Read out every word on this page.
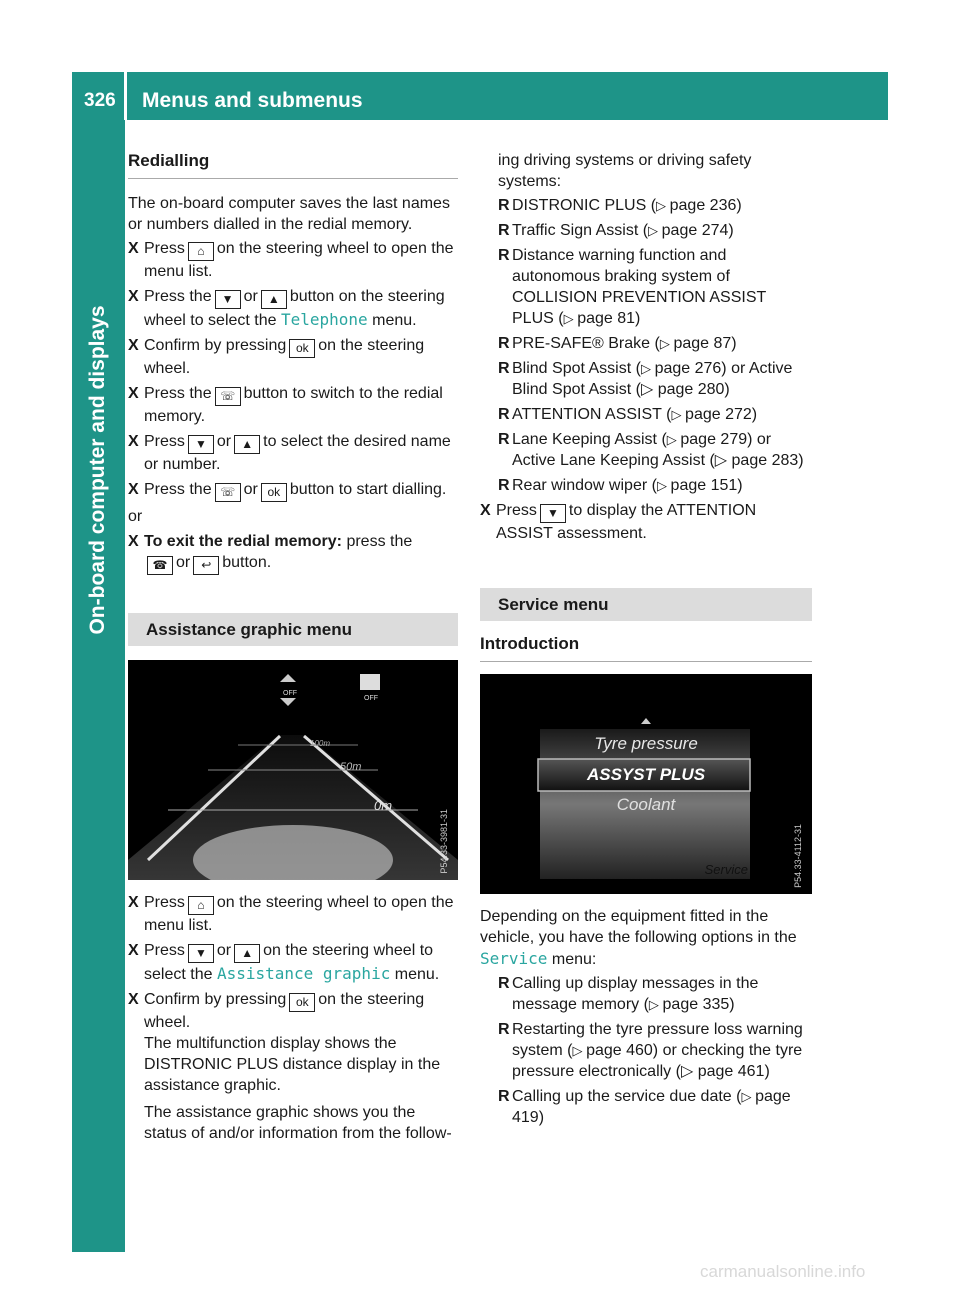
326 Menus and submenus
On-board computer and displays
Redialling
The on-board computer saves the last names or numbers dialled in the redial memory.
X Press ⌂ on the steering wheel to open the menu list.
X Press the ▼ or ▲ button on the steering wheel to select the Telephone menu.
X Confirm by pressing ok on the steering wheel.
X Press the ☏ button to switch to the redial memory.
X Press ▼ or ▲ to select the desired name or number.
X Press the ☏ or ok button to start dialling.
or
X To exit the redial memory: press the
☎ or ↩ button.
Assistance graphic menu
OFF
OFF
100m
50m
0m
P54.33-3981-31
X Press ⌂ on the steering wheel to open the menu list.
X Press ▼ or ▲ on the steering wheel to select the Assistance graphic menu.
X Confirm by pressing ok on the steering wheel.
The multifunction display shows the DISTRONIC PLUS distance display in the assistance graphic.
The assistance graphic shows you the status of and/or information from the follow-
ing driving systems or driving safety systems:
R DISTRONIC PLUS (▷ page 236)
R Traffic Sign Assist (▷ page 274)
R Distance warning function and autonomous braking system of COLLISION PREVENTION ASSIST PLUS (▷ page 81)
R PRE-SAFE® Brake (▷ page 87)
R Blind Spot Assist (▷ page 276) or Active Blind Spot Assist (▷ page 280)
R ATTENTION ASSIST (▷ page 272)
R Lane Keeping Assist (▷ page 279) or Active Lane Keeping Assist (▷ page 283)
R Rear window wiper (▷ page 151)
X Press ▼ to display the ATTENTION ASSIST assessment.
Service menu
Introduction
Tyre pressure
ASSYST PLUS
Coolant
Service	P54.33-4112-31
Depending on the equipment fitted in the vehicle, you have the following options in the
Service menu:
R Calling up display messages in the message memory (▷ page 335)
R Restarting the tyre pressure loss warning system (▷ page 460) or checking the tyre pressure electronically (▷ page 461)
R Calling up the service due date (▷ page 419)
carmanualsonline.info
